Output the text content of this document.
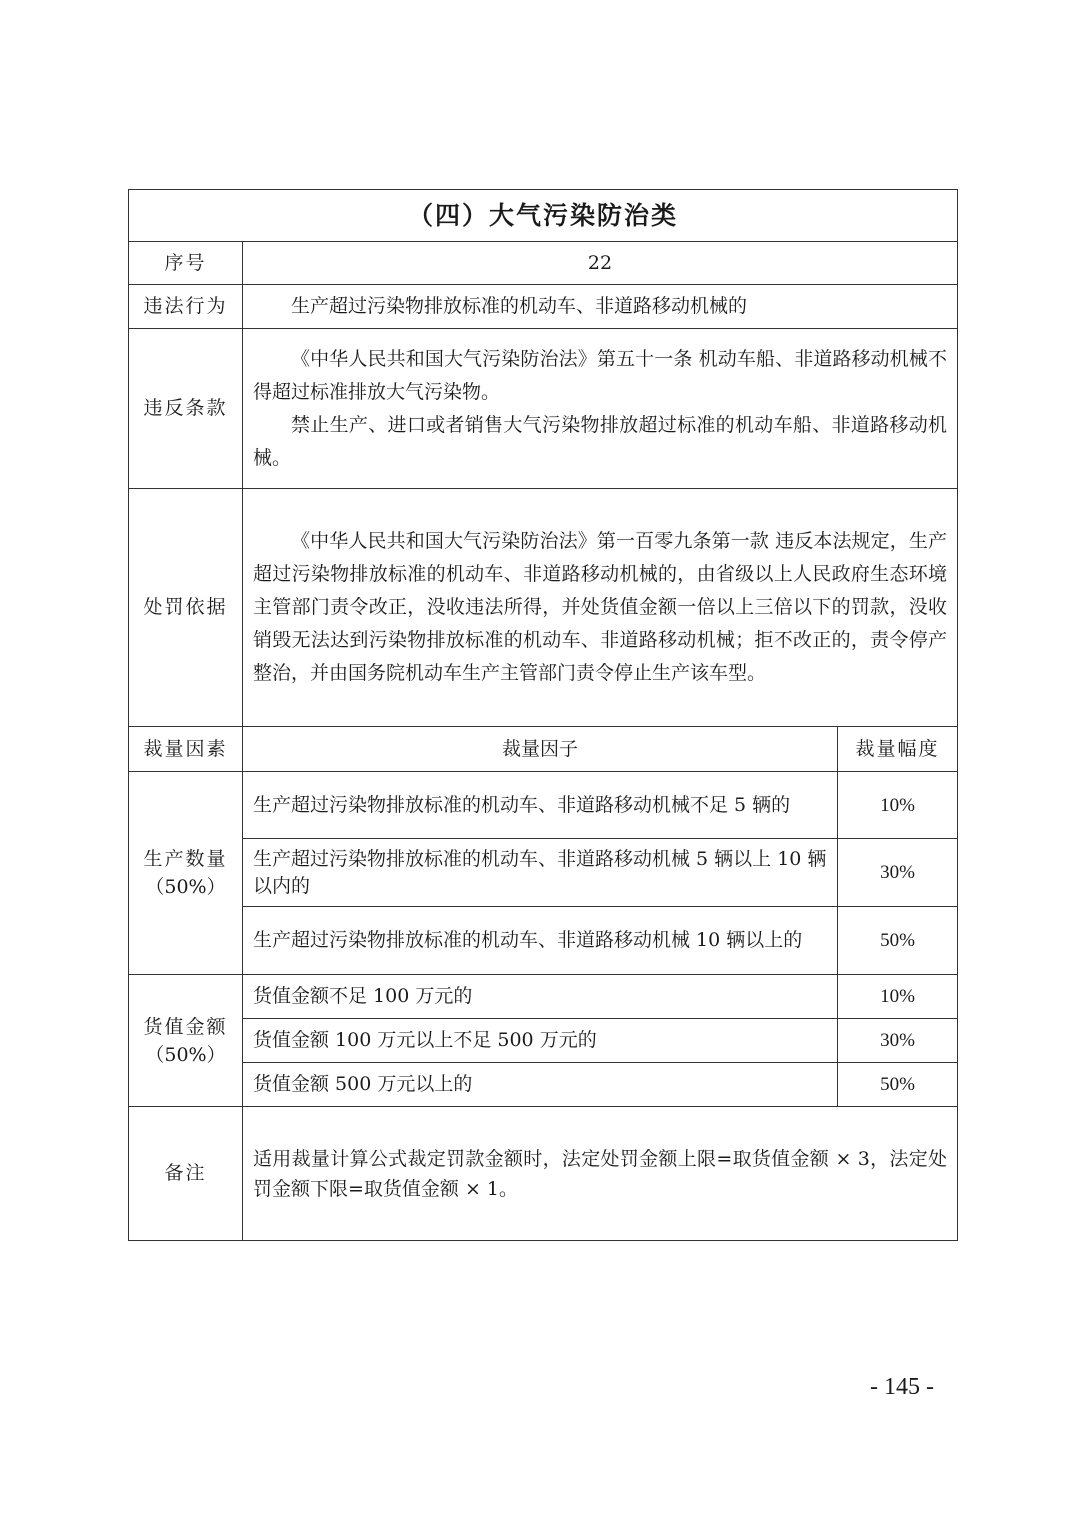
（四）大气污染防治类		
序号	22	
违法行为	生产超过污染物排放标准的机动车、非道路移动机械的	

违反条款	《中华人民共和国大气污染防治法》第五十一条 机动车船、非道路移动机械不得超过标准排放大气污染物。

禁止生产、进口或者销售大气污染物排放超过标准的机动车船、非道路移动机械。	

处罚依据	《中华人民共和国大气污染防治法》第一百零九条第一款 违反本法规定，生产超过污染物排放标准的机动车、非道路移动机械的，由省级以上人民政府生态环境主管部门责令改正，没收违法所得，并处货值金额一倍以上三倍以下的罚款，没收销毁无法达到污染物排放标准的机动车、非道路移动机械；拒不改正的，责令停产整治，并由国务院机动车生产主管部门责令停止生产该车型。	

裁量因素	裁量因子	裁量幅度

生产数量
（50%）	生产超过污染物排放标准的机动车、非道路移动机械不足 5 辆的	10%
	生产超过污染物排放标准的机动车、非道路移动机械 5 辆以上 10 辆以内的	30%
	生产超过污染物排放标准的机动车、非道路移动机械 10 辆以上的	50%

货值金额
（50%）	货值金额不足 100 万元的	10%
	货值金额 100 万元以上不足 500 万元的	30%
	货值金额 500 万元以上的	50%
备注	适用裁量计算公式裁定罚款金额时，法定处罚金额上限=取货值金额 × 3，法定处罚金额下限=取货值金额 × 1。	
- 145 -
